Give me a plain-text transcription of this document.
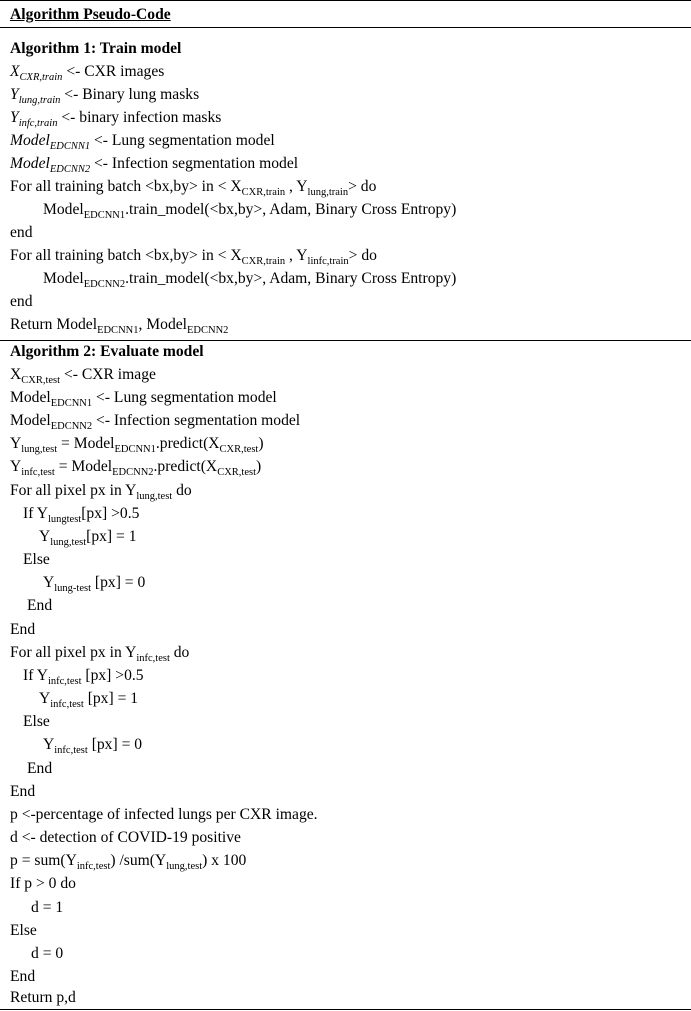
Algorithm Pseudo-Code
Algorithm 1: Train model
$X_{CXR,train}$ <- CXR images
$Y_{lung,train}$ <- Binary lung masks
$Y_{infc,train}$ <- binary infection masks
Model$_{EDCNN1}$ <- Lung segmentation model
Model$_{EDCNN2}$ <- Infection segmentation model
For all training batch <bx,by> in < $X_{CXR,train}$ , $Y_{lung,train}>$ do
Model$_{EDCNN1}$.train_model(<bx,by>, Adam, Binary Cross Entropy)
end
For all training batch <bx,by> in < $X_{CXR,train}$ , $Y_{linfc,train}>$ do
Model$_{EDCNN2}$.train_model(<bx,by>, Adam, Binary Cross Entropy)
end
Return Model$_{EDCNN1}$, Model$_{EDCNN2}$
Algorithm 2: Evaluate model
$X_{CXR,test}$ <- CXR image
Model$_{EDCNN1}$ <- Lung segmentation model
Model$_{EDCNN2}$ <- Infection segmentation model
$Y_{lung,test}$ = $Model_{EDCNN1}.predict(X_{CXR,test})$
$Y_{infc,test}$ = $Model_{EDCNN2}.predict(X_{CXR,test})$
For all pixel px in $Y_{lung,test}$ do
If $Y_{lungtest}[px] >0.5$
$Y_{lung,test}[px] = 1$
Else
$Y_{lung-test}$ [px] = 0
End
End
For all pixel px in $Y_{infc,test}$ do
If $Y_{infc,test}$ [px] >0.5
$Y_{infc,test}$ [px] = 1
Else
$Y_{infc,test}$ [px] = 0
End
End
p <-percentage of infected lungs per CXR image.
d <- detection of COVID-19 positive
$p = sum(Y_{infc,test})$ $/sum(Y_{lung,test})$ x 100
If p > 0 do
d = 1
Else
d = 0
End
Return p,d
